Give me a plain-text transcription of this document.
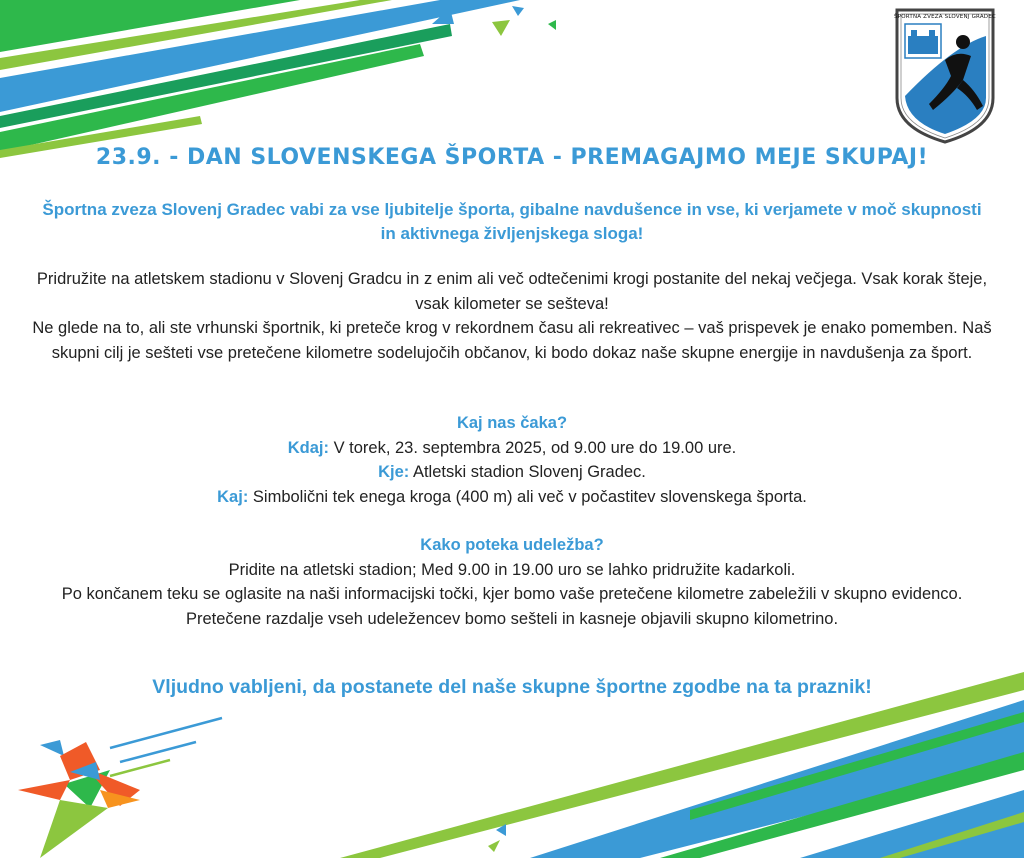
ŠPORTNA ZVEZA SLOVENJ GRADEC
23.9. - DAN SLOVENSKEGA ŠPORTA - PREMAGAJMO MEJE SKUPAJ!

Športna zveza Slovenj Gradec vabi za vse ljubitelje športa, gibalne navdušence in vse, ki verjamete v moč skupnosti in aktivnega življenjskega sloga!

Pridružite na atletskem stadionu v Slovenj Gradcu in z enim ali več odtečenimi krogi postanite del nekaj večjega. Vsak korak šteje, vsak kilometer se sešteva!
Ne glede na to, ali ste vrhunski športnik, ki preteče krog v rekordnem času ali rekreativec – vaš prispevek je enako pomemben. Naš skupni cilj je sešteti vse pretečene kilometre sodelujočih občanov, ki bodo dokaz naše skupne energije in navdušenja za šport.

Kaj nas čaka?
Kdaj: V torek, 23. septembra 2025, od 9.00 ure do 19.00 ure.
Kje: Atletski stadion Slovenj Gradec.
Kaj: Simbolični tek enega kroga (400 m) ali več v počastitev slovenskega športa.

Kako poteka udeležba?
Pridite na atletski stadion; Med 9.00 in 19.00 uro se lahko pridružite kadarkoli.
Po končanem teku se oglasite na naši informacijski točki, kjer bomo vaše pretečene kilometre zabeležili v skupno evidenco.
Pretečene razdalje vseh udeležencev bomo sešteli in kasneje objavili skupno kilometrino.

Vljudno vabljeni, da postanete del naše skupne športne zgodbe na ta praznik!
